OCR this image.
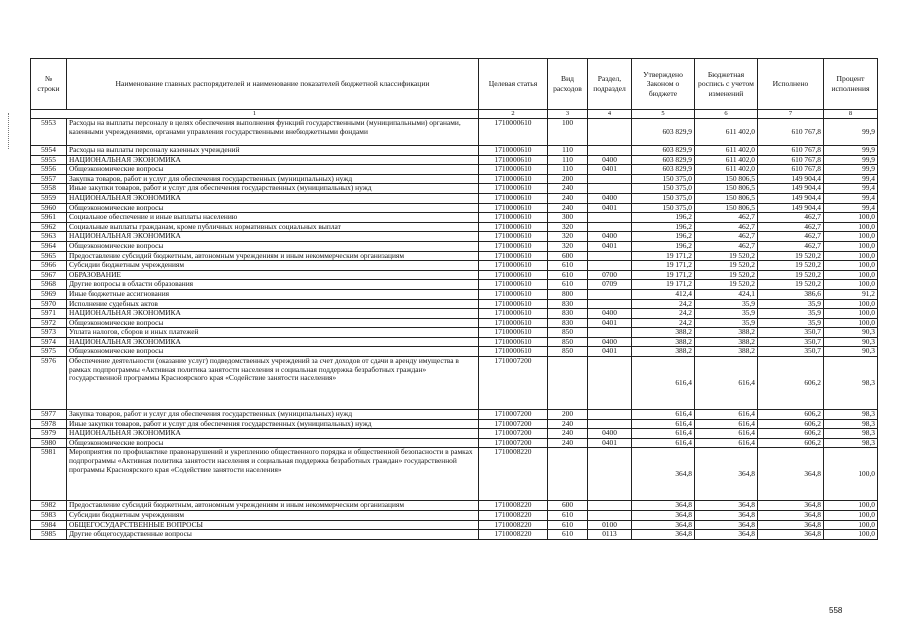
№ строки	Наименование главных распорядителей и наименование показателей бюджетной классификации	Целевая статья	Вид расходов	Раздел, подраздел	Утверждено Законом о бюджете	Бюджетная роспись с учетом изменений	Исполнено	Процент исполнения
1		2	3	4	5	6	7	8
5953	Расходы на выплаты персоналу в целях обеспечения выполнения функций государственными (муниципальными) органами, казенными учреждениями, органами управления государственными внебюджетными фондами	1710000610	100		603 829,9	611 402,0	610 767,8	99,9
5954	Расходы на выплаты персоналу казенных учреждений	1710000610	110		603 829,9	611 402,0	610 767,8	99,9
5955	НАЦИОНАЛЬНАЯ ЭКОНОМИКА	1710000610	110	0400	603 829,9	611 402,0	610 767,8	99,9
5956	Общеэкономические вопросы	1710000610	110	0401	603 829,9	611 402,0	610 767,8	99,9
5957	Закупка товаров, работ и услуг для обеспечения государственных (муниципальных) нужд	1710000610	200		150 375,0	150 806,5	149 904,4	99,4
5958	Иные закупки товаров, работ и услуг для обеспечения государственных (муниципальных) нужд	1710000610	240		150 375,0	150 806,5	149 904,4	99,4
5959	НАЦИОНАЛЬНАЯ ЭКОНОМИКА	1710000610	240	0400	150 375,0	150 806,5	149 904,4	99,4
5960	Общеэкономические вопросы	1710000610	240	0401	150 375,0	150 806,5	149 904,4	99,4
5961	Социальное обеспечение и иные выплаты населению	1710000610	300		196,2	462,7	462,7	100,0
5962	Социальные выплаты гражданам, кроме публичных нормативных социальных выплат	1710000610	320		196,2	462,7	462,7	100,0
5963	НАЦИОНАЛЬНАЯ ЭКОНОМИКА	1710000610	320	0400	196,2	462,7	462,7	100,0
5964	Общеэкономические вопросы	1710000610	320	0401	196,2	462,7	462,7	100,0
5965	Предоставление субсидий бюджетным, автономным учреждениям и иным некоммерческим организациям	1710000610	600		19 171,2	19 520,2	19 520,2	100,0
5966	Субсидии бюджетным учреждениям	1710000610	610		19 171,2	19 520,2	19 520,2	100,0
5967	ОБРАЗОВАНИЕ	1710000610	610	0700	19 171,2	19 520,2	19 520,2	100,0
5968	Другие вопросы в области образования	1710000610	610	0709	19 171,2	19 520,2	19 520,2	100,0
5969	Иные бюджетные ассигнования	1710000610	800		412,4	424,1	386,6	91,2
5970	Исполнение судебных актов	1710000610	830		24,2	35,9	35,9	100,0
5971	НАЦИОНАЛЬНАЯ ЭКОНОМИКА	1710000610	830	0400	24,2	35,9	35,9	100,0
5972	Общеэкономические вопросы	1710000610	830	0401	24,2	35,9	35,9	100,0
5973	Уплата налогов, сборов и иных платежей	1710000610	850		388,2	388,2	350,7	90,3
5974	НАЦИОНАЛЬНАЯ ЭКОНОМИКА	1710000610	850	0400	388,2	388,2	350,7	90,3
5975	Общеэкономические вопросы	1710000610	850	0401	388,2	388,2	350,7	90,3
5976	Обеспечение деятельности (оказание услуг) подведомственных учреждений за счет доходов от сдачи в аренду имущества в рамках подпрограммы «Активная политика занятости населения и социальная поддержка безработных граждан» государственной программы Красноярского края «Содействие занятости населения»	1710007200			616,4	616,4	606,2	98,3
5977	Закупка товаров, работ и услуг для обеспечения государственных (муниципальных) нужд	1710007200	200		616,4	616,4	606,2	98,3
5978	Иные закупки товаров, работ и услуг для обеспечения государственных (муниципальных) нужд	1710007200	240		616,4	616,4	606,2	98,3
5979	НАЦИОНАЛЬНАЯ ЭКОНОМИКА	1710007200	240	0400	616,4	616,4	606,2	98,3
5980	Общеэкономические вопросы	1710007200	240	0401	616,4	616,4	606,2	98,3
5981	Мероприятия по профилактике правонарушений и укреплению общественного порядка и общественной безопасности в рамках подпрограммы «Активная политика занятости населения и социальная поддержка безработных граждан» государственной программы Красноярского края «Содействие занятости населения»	1710008220			364,8	364,8	364,8	100,0
5982	Предоставление субсидий бюджетным, автономным учреждениям и иным некоммерческим организациям	1710008220	600		364,8	364,8	364,8	100,0
5983	Субсидии бюджетным учреждениям	1710008220	610		364,8	364,8	364,8	100,0
5984	ОБЩЕГОСУДАРСТВЕННЫЕ ВОПРОСЫ	1710008220	610	0100	364,8	364,8	364,8	100,0
5985	Другие общегосударственные вопросы	1710008220	610	0113	364,8	364,8	364,8	100,0
558
